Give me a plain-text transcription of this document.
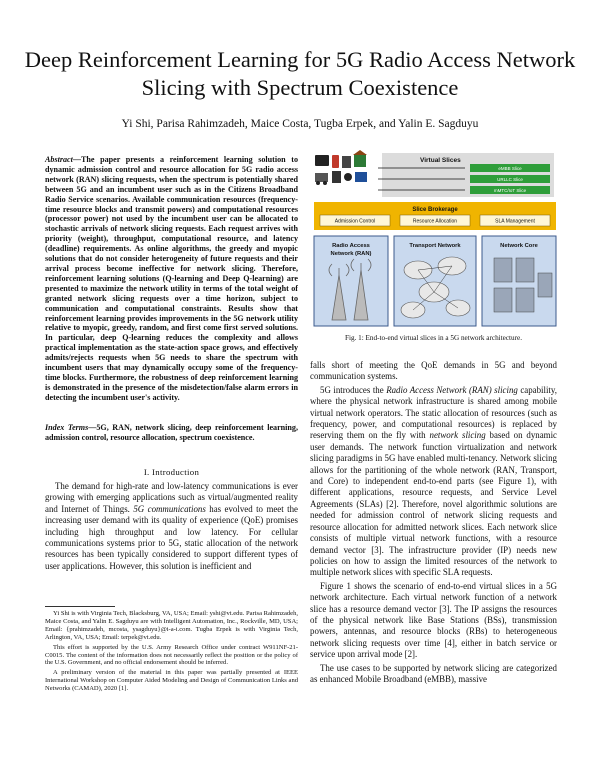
Deep Reinforcement Learning for 5G Radio Access Network Slicing with Spectrum Coexistence
Yi Shi, Parisa Rahimzadeh, Maice Costa, Tugba Erpek, and Yalin E. Sagduyu
Abstract—The paper presents a reinforcement learning solution to dynamic admission control and resource allocation for 5G radio access network (RAN) slicing requests, when the spectrum is potentially shared between 5G and an incumbent user such as in the Citizens Broadband Radio Service scenarios. Available communication resources (frequency-time resource blocks and transmit powers) and computational resources (processor power) not used by the incumbent user can be allocated to stochastic arrivals of network slicing requests. Each request arrives with priority (weight), throughput, computational resource, and latency (deadline) requirements. As online algorithms, the greedy and myopic solutions that do not consider heterogeneity of future requests and their arrival process become ineffective for network slicing. Therefore, reinforcement learning solutions (Q-learning and Deep Q-learning) are presented to maximize the network utility in terms of the total weight of granted network slicing requests over a time horizon, subject to communication and computational constraints. Results show that reinforcement learning provides improvements in the 5G network utility relative to myopic, greedy, random, and first come first served solutions. In particular, deep Q-learning reduces the complexity and allows practical implementation as the state-action space grows, and effectively admits/rejects requests when 5G needs to share the spectrum with incumbent users that may dynamically occupy some of the frequency-time blocks. Furthermore, the robustness of deep reinforcement learning is demonstrated in the presence of the misdetection/false alarm errors in detecting the incumbent user's activity.
Index Terms—5G, RAN, network slicing, deep reinforcement learning, admission control, resource allocation, spectrum coexistence.
I. Introduction
The demand for high-rate and low-latency communications is ever growing with emerging applications such as virtual/augmented reality and Internet of Things. 5G communications has evolved to meet the increasing user demand with its quality of experience (QoE) promises including high throughput and low latency. For cellular communications systems prior to 5G, static allocation of the network resources has been typically considered to support different types of user applications. However, this solution is inefficient and

Yi Shi is with Virginia Tech, Blacksburg, VA, USA; Email: yshi@vt.edu. Parisa Rahimzadeh, Maice Costa, and Yalin E. Sagduyu are with Intelligent Automation, Inc., Rockville, MD, USA; Email: {prahimzadeh, mcosta, ysagduyu}@i-a-i.com. Tugba Erpek is with Virginia Tech, Arlington, VA, USA; Email: terpek@vt.edu.

This effort is supported by the U.S. Army Research Office under contract W911NF-21-C0015. The content of the information does not necessarily reflect the position or the policy of the U.S. Government, and no official endorsement should be inferred.

A preliminary version of the material in this paper was partially presented at IEEE International Workshop on Computer Aided Modeling and Design of Communication Links and Networks (CAMAD), 2020 [1].

Virtual Slices
eMBB Slice
URLLC Slice
mMTC/IoT Slice
Slice Brokerage
Admission Control	Resource Allocation	SLA Management
Radio Access
Network (RAN)
Transport Network	Network Core
Fig. 1: End-to-end virtual slices in a 5G network architecture.

falls short of meeting the QoE demands in 5G and beyond communication systems.

5G introduces the Radio Access Network (RAN) slicing capability, where the physical network infrastructure is shared among mobile virtual network operators. The static allocation of resources (such as frequency, power, and computational resources) is replaced by reserving them on the fly with network slicing based on dynamic user demands. The network function virtualization and network slicing paradigms in 5G have enabled multi-tenancy. Network slicing allows for the partitioning of the whole network (RAN, Transport, and Core) to independent end-to-end parts (see Figure 1), with different applications, resource requests, and Service Level Agreements (SLAs) [2]. Therefore, novel algorithmic solutions are needed for admission control of network slicing requests and resource allocation for admitted network slices. Each network slice consists of multiple virtual network functions, with a resource demand vector [3]. The infrastructure provider (IP) needs new policies on how to assign the limited resources of the network to multiple network slices with specific SLA requests.

Figure 1 shows the scenario of end-to-end virtual slices in a 5G network architecture. Each virtual network function of a network slice has a resource demand vector [3]. The IP assigns the resources of the physical network like Base Stations (BSs), transmission powers, antennas, and resource blocks (RBs) to heterogeneous network slicing requests over time [4], either in batch service or service upon arrival mode [2].

The use cases to be supported by network slicing are categorized as enhanced Mobile Broadband (eMBB), massive
